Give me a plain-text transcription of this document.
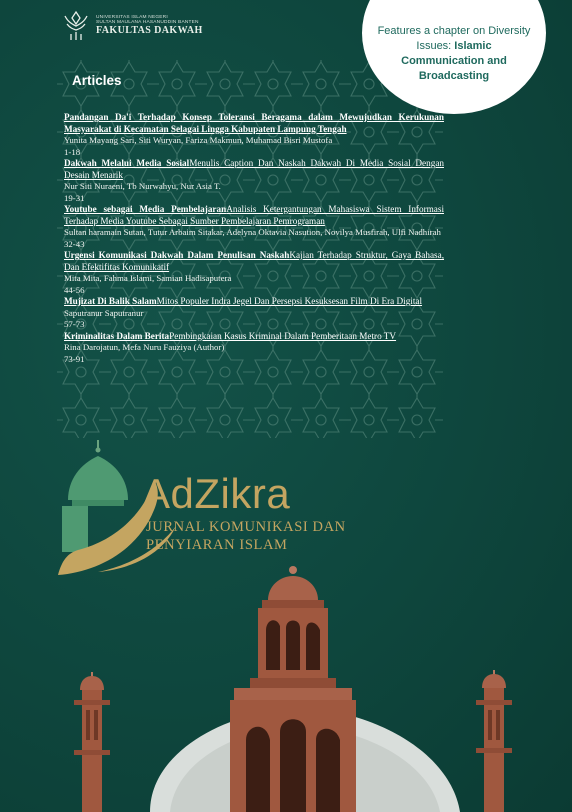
UNIVERSITAS ISLAM NEGERI
SULTAN MAULANA HASANUDDIN BANTEN
FAKULTAS DAKWAH	Features a chapter on Diversity Issues: Islamic Communication and Broadcasting
Articles
Pandangan Da'i Terhadap Konsep Toleransi Beragama dalam Mewujudkan Kerukunan Masyarakat di Kecamatan Selagai Lingga Kabupaten Lampung Tengah
Yunita Mayang Sari, Siti Wuryan, Fariza Makmun, Muhamad Bisri Mustofa
1-18
Dakwah Melalui Media SosialMenulis Caption Dan Naskah Dakwah Di Media Sosial Dengan Desain Menarik
Nur Siti Nuraeni, Tb Nurwahyu, Nur Asia T.
19-31
Youtube sebagai Media PembelajaranAnalisis Ketergantungan Mahasiswa Sistem Informasi Terhadap Media Youtube Sebagai Sumber Pembelajaran Pemrograman
Sultan haramain Sutan, Tutur Arbaim Sitakar, Adelyna Oktavia Nasution, Novilya Musfirah, Ulfi Nadhirah
32-43
Urgensi Komunikasi Dakwah Dalam Penulisan NaskahKajian Terhadap Struktur, Gaya Bahasa, Dan Efektifitas Komunikatif
Mita Mita, Fahma Islami, Samian Hadisaputera
44-56
Mujizat Di Balik SalamMitos Populer Indra Jegel Dan Persepsi Kesuksesan Film Di Era Digital
Saputranur Saputranur
57-73
Kriminalitas Dalam BeritaPembingkaian Kasus Kriminal Dalam Pemberitaan Metro TV
Rina Darojatun, Mefa Nuru Fauziya (Author)
73-91
AdZikra
JURNAL KOMUNIKASI DAN
PENYIARAN ISLAM
